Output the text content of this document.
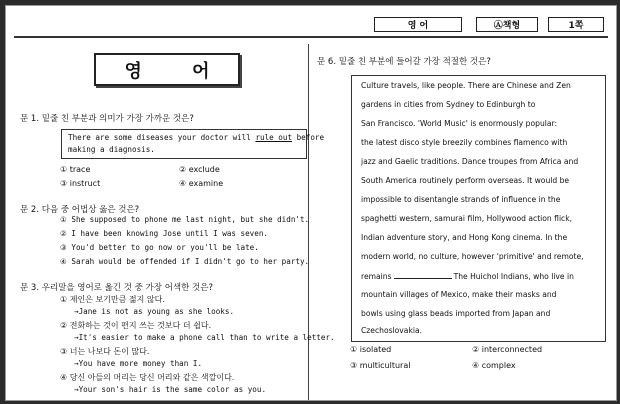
영 어	Ⓐ책형	1쪽
영 어
문 1. 밑줄 친 부분과 의미가 가장 가까운 것은?
There are some diseases your doctor will rule out before
making a diagnosis.
① trace	② exclude
③ instruct	④ examine
문 2. 다음 중 어법상 옳은 것은?
① She supposed to phone me last night, but she didn't.
② I have been knowing Jose until I was seven.
③ You'd better to go now or you'll be late.
④ Sarah would be offended if I didn't go to her party.
문 3. 우리말을 영어로 옮긴 것 중 가장 어색한 것은?
① 제인은 보기만큼 젊지 않다.
→Jane is not as young as she looks.
② 전화하는 것이 편지 쓰는 것보다 더 쉽다.
→It's easier to make a phone call than to write a letter.
③ 너는 나보다 돈이 많다.
→You have more money than I.
④ 당신 아들의 머리는 당신 머리와 같은 색깔이다.
→Your son's hair is the same color as you.
문 6. 밑줄 친 부분에 들어갈 가장 적절한 것은?
Culture travels, like people. There are Chinese and Zen
gardens in cities from Sydney to Edinburgh to
San Francisco. 'World Music' is enormously popular:
the latest disco style breezily combines flamenco with
jazz and Gaelic traditions. Dance troupes from Africa and
South America routinely perform overseas. It would be
impossible to disentangle strands of influence in the
spaghetti western, samurai film, Hollywood action flick,
Indian adventure story, and Hong Kong cinema. In the
modern world, no culture, however 'primitive' and remote,
remains	The Huichol Indians, who live in
mountain villages of Mexico, make their masks and
bowls using glass beads imported from Japan and
Czechoslovakia.
① isolated	② interconnected
③ multicultural	④ complex
